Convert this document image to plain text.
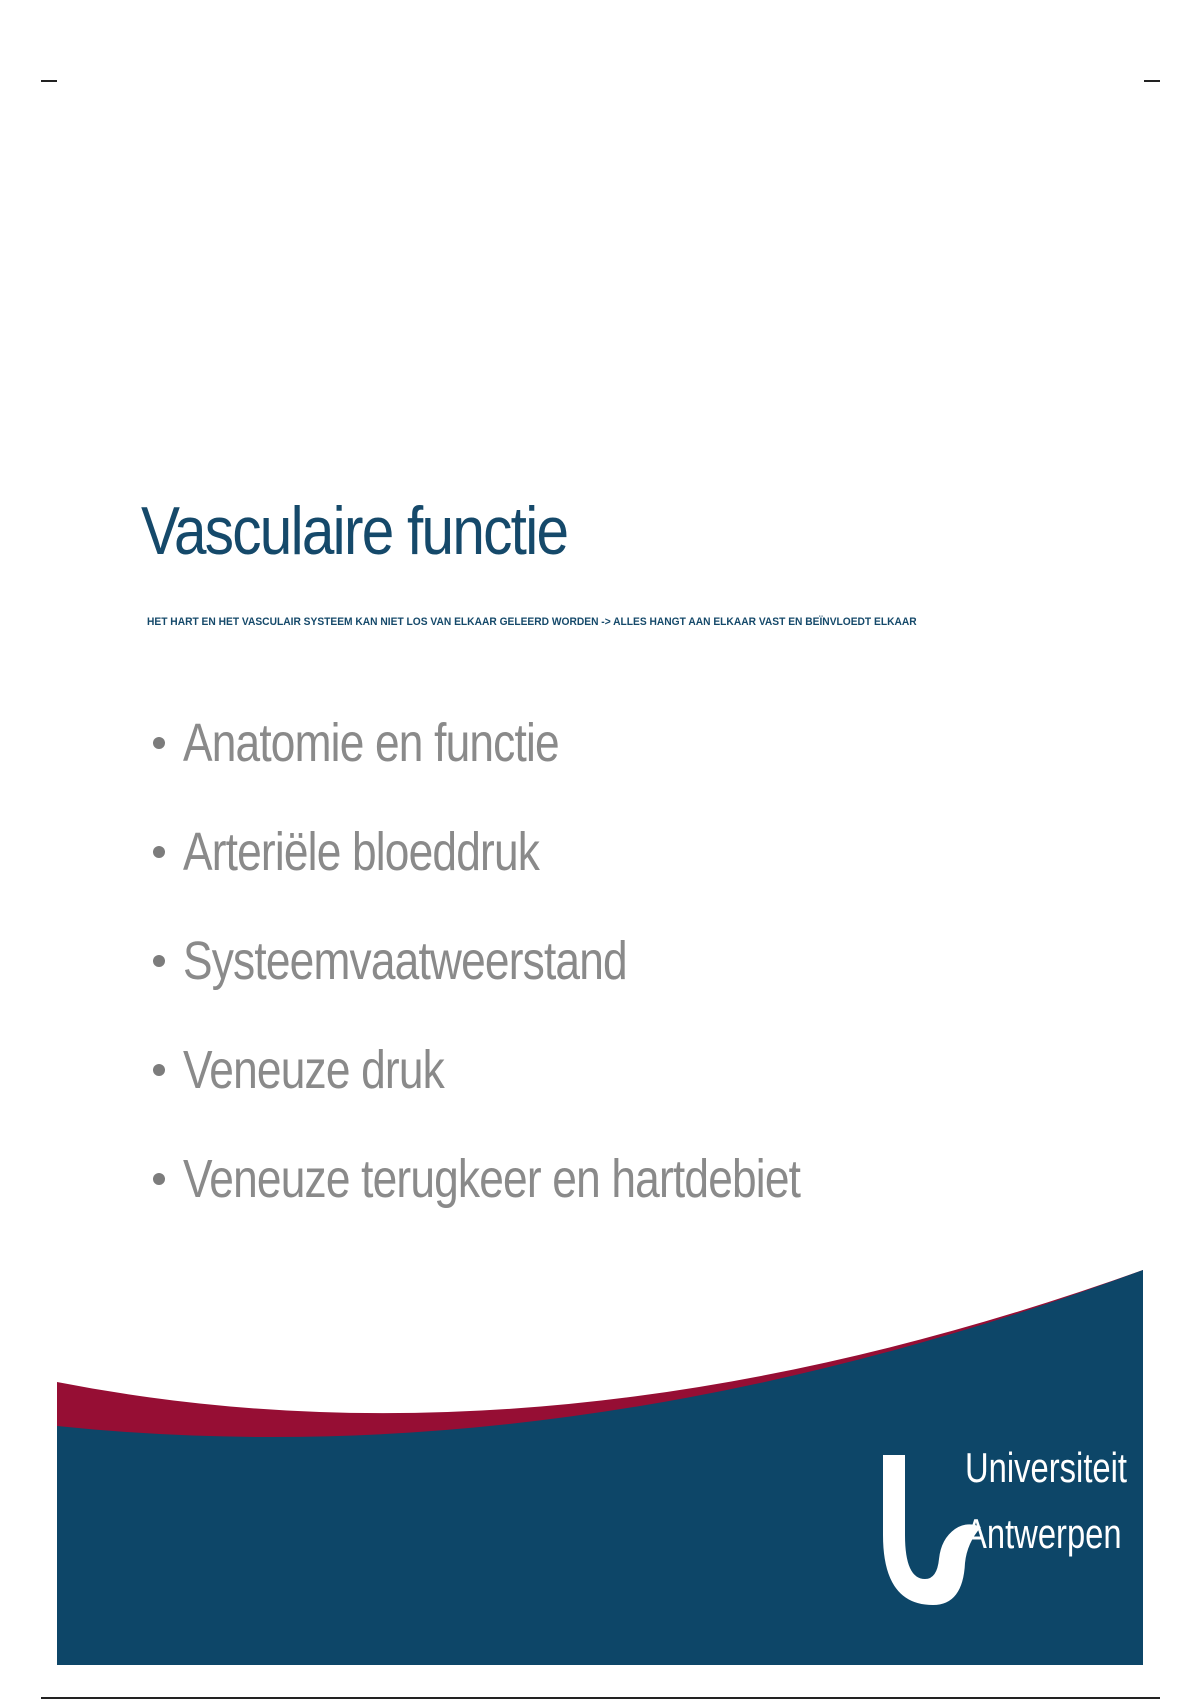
Vasculaire functie

HET HART EN HET VASCULAIR SYSTEEM KAN NIET LOS VAN ELKAAR GELEERD WORDEN -> ALLES HANGT AAN ELKAAR VAST EN BEÏNVLOEDT ELKAAR

Anatomie en functie
Arteriële bloeddruk
Systeemvaatweerstand
Veneuze druk
Veneuze terugkeer en hartdebiet
Universiteit
Antwerpen
